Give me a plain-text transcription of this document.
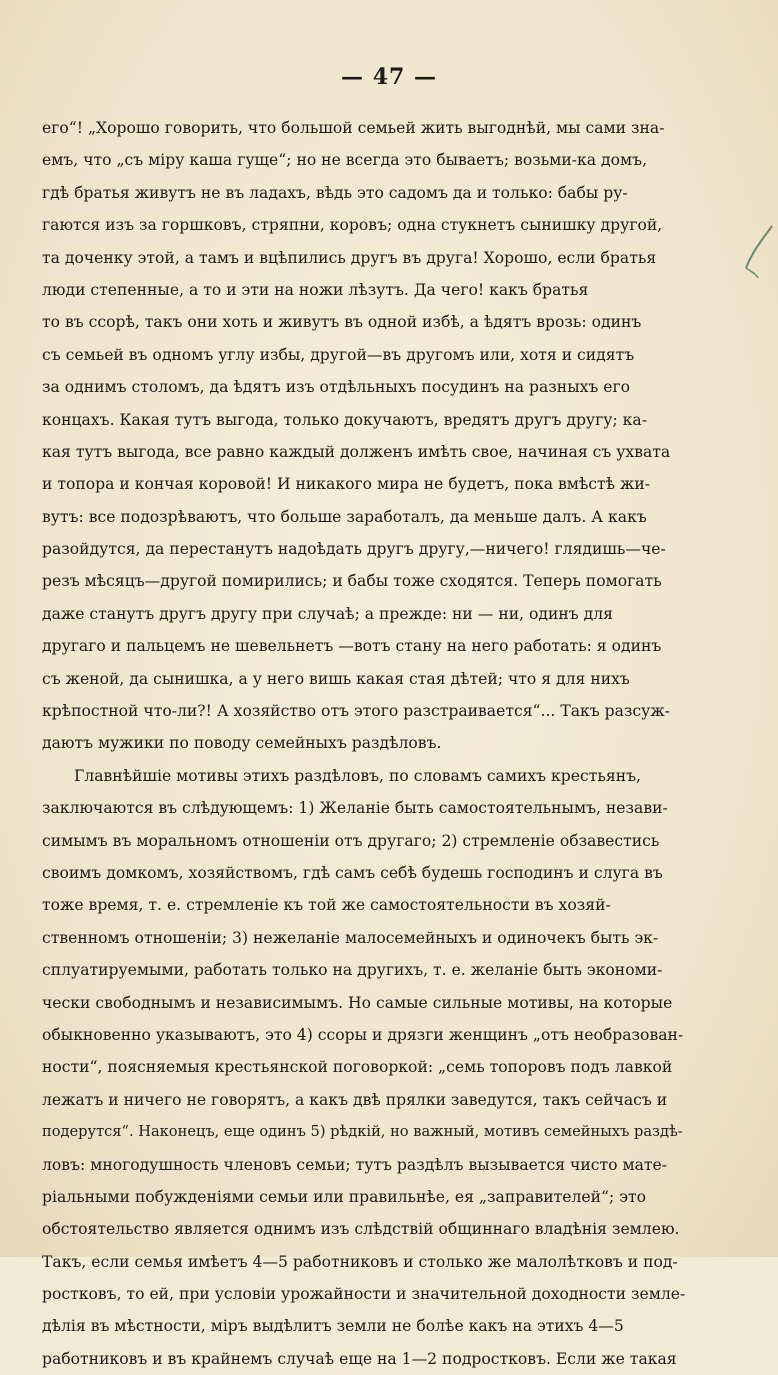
— 47 —
его“! „Хорошо говорить, что большой семьей жить выгоднѣй, мы сами зна-
емъ, что „съ міру каша гуще“; но не всегда это бываетъ; возьми-ка домъ,
гдѣ братья живутъ не въ ладахъ, вѣдь это садомъ да и только: бабы ру-
гаются изъ за горшковъ, стряпни, коровъ; одна стукнетъ сынишку другой,
та доченку этой, а тамъ и вцѣпились другъ въ друга! Хорошо, если братья
люди степенные, а то и эти на ножи лѣзутъ. Да чего! какъ братья
то въ ссорѣ, такъ они хоть и живутъ въ одной избѣ, а ѣдятъ врозь: одинъ
съ семьей въ одномъ углу избы, другой—въ другомъ или, хотя и сидятъ
за однимъ столомъ, да ѣдятъ изъ отдѣльныхъ посудинъ на разныхъ его
концахъ. Какая тутъ выгода, только докучаютъ, вредятъ другъ другу; ка-
кая тутъ выгода, все равно каждый долженъ имѣть свое, начиная съ ухвата
и топора и кончая коровой! И никакого мира не будетъ, пока вмѣстѣ жи-
вутъ: все подозрѣваютъ, что больше заработалъ, да меньше далъ. А какъ
разойдутся, да перестанутъ надоѣдать другъ другу,—ничего! глядишь—че-
резъ мѣсяцъ—другой помирились; и бабы тоже сходятся. Теперь помогать
даже станутъ другъ другу при случаѣ; а прежде: ни — ни, одинъ для
другаго и пальцемъ не шевельнетъ —вотъ стану на него работать: я одинъ
съ женой, да сынишка, а у него вишь какая стая дѣтей; что я для нихъ
крѣпостной что-ли?! А хозяйство отъ этого разстраивается“... Такъ разсуж-
даютъ мужики по поводу семейныхъ раздѣловъ.
Главнѣйшіе мотивы этихъ раздѣловъ, по словамъ самихъ крестьянъ,
заключаются въ слѣдующемъ: 1) Желаніе быть самостоятельнымъ, незави-
симымъ въ моральномъ отношеніи отъ другаго; 2) стремленіе обзавестись
своимъ домкомъ, хозяйствомъ, гдѣ самъ себѣ будешь господинъ и слуга въ
тоже время, т. е. стремленіе къ той же самостоятельности въ хозяй-
ственномъ отношеніи; 3) нежеланіе малосемейныхъ и одиночекъ быть эк-
сплуатируемыми, работать только на другихъ, т. е. желаніе быть экономи-
чески свободнымъ и независимымъ. Но самые сильные мотивы, на которые
обыкновенно указываютъ, это 4) ссоры и дрязги женщинъ „отъ необразован-
ности“, поясняемыя крестьянской поговоркой: „семь топоровъ подъ лавкой
лежатъ и ничего не говорятъ, а какъ двѣ прялки заведутся, такъ сейчасъ и
подерутся“. Наконецъ, еще одинъ 5) рѣдкій, но важный, мотивъ семейныхъ раздѣ-
ловъ: многодушность членовъ семьи; тутъ раздѣлъ вызывается чисто мате-
ріальными побужденіями семьи или правильнѣе, ея „заправителей“; это
обстоятельство является однимъ изъ слѣдствій общиннаго владѣнія землею.
Такъ, если семья имѣетъ 4—5 работниковъ и столько же малолѣтковъ и под-
ростковъ, то ей, при условіи урожайности и значительной доходности земле-
дѣлія въ мѣстности, міръ выдѣлитъ земли не болѣе какъ на этихъ 4—5
работниковъ и въ крайнемъ случаѣ еще на 1—2 подростковъ. Если же такая
